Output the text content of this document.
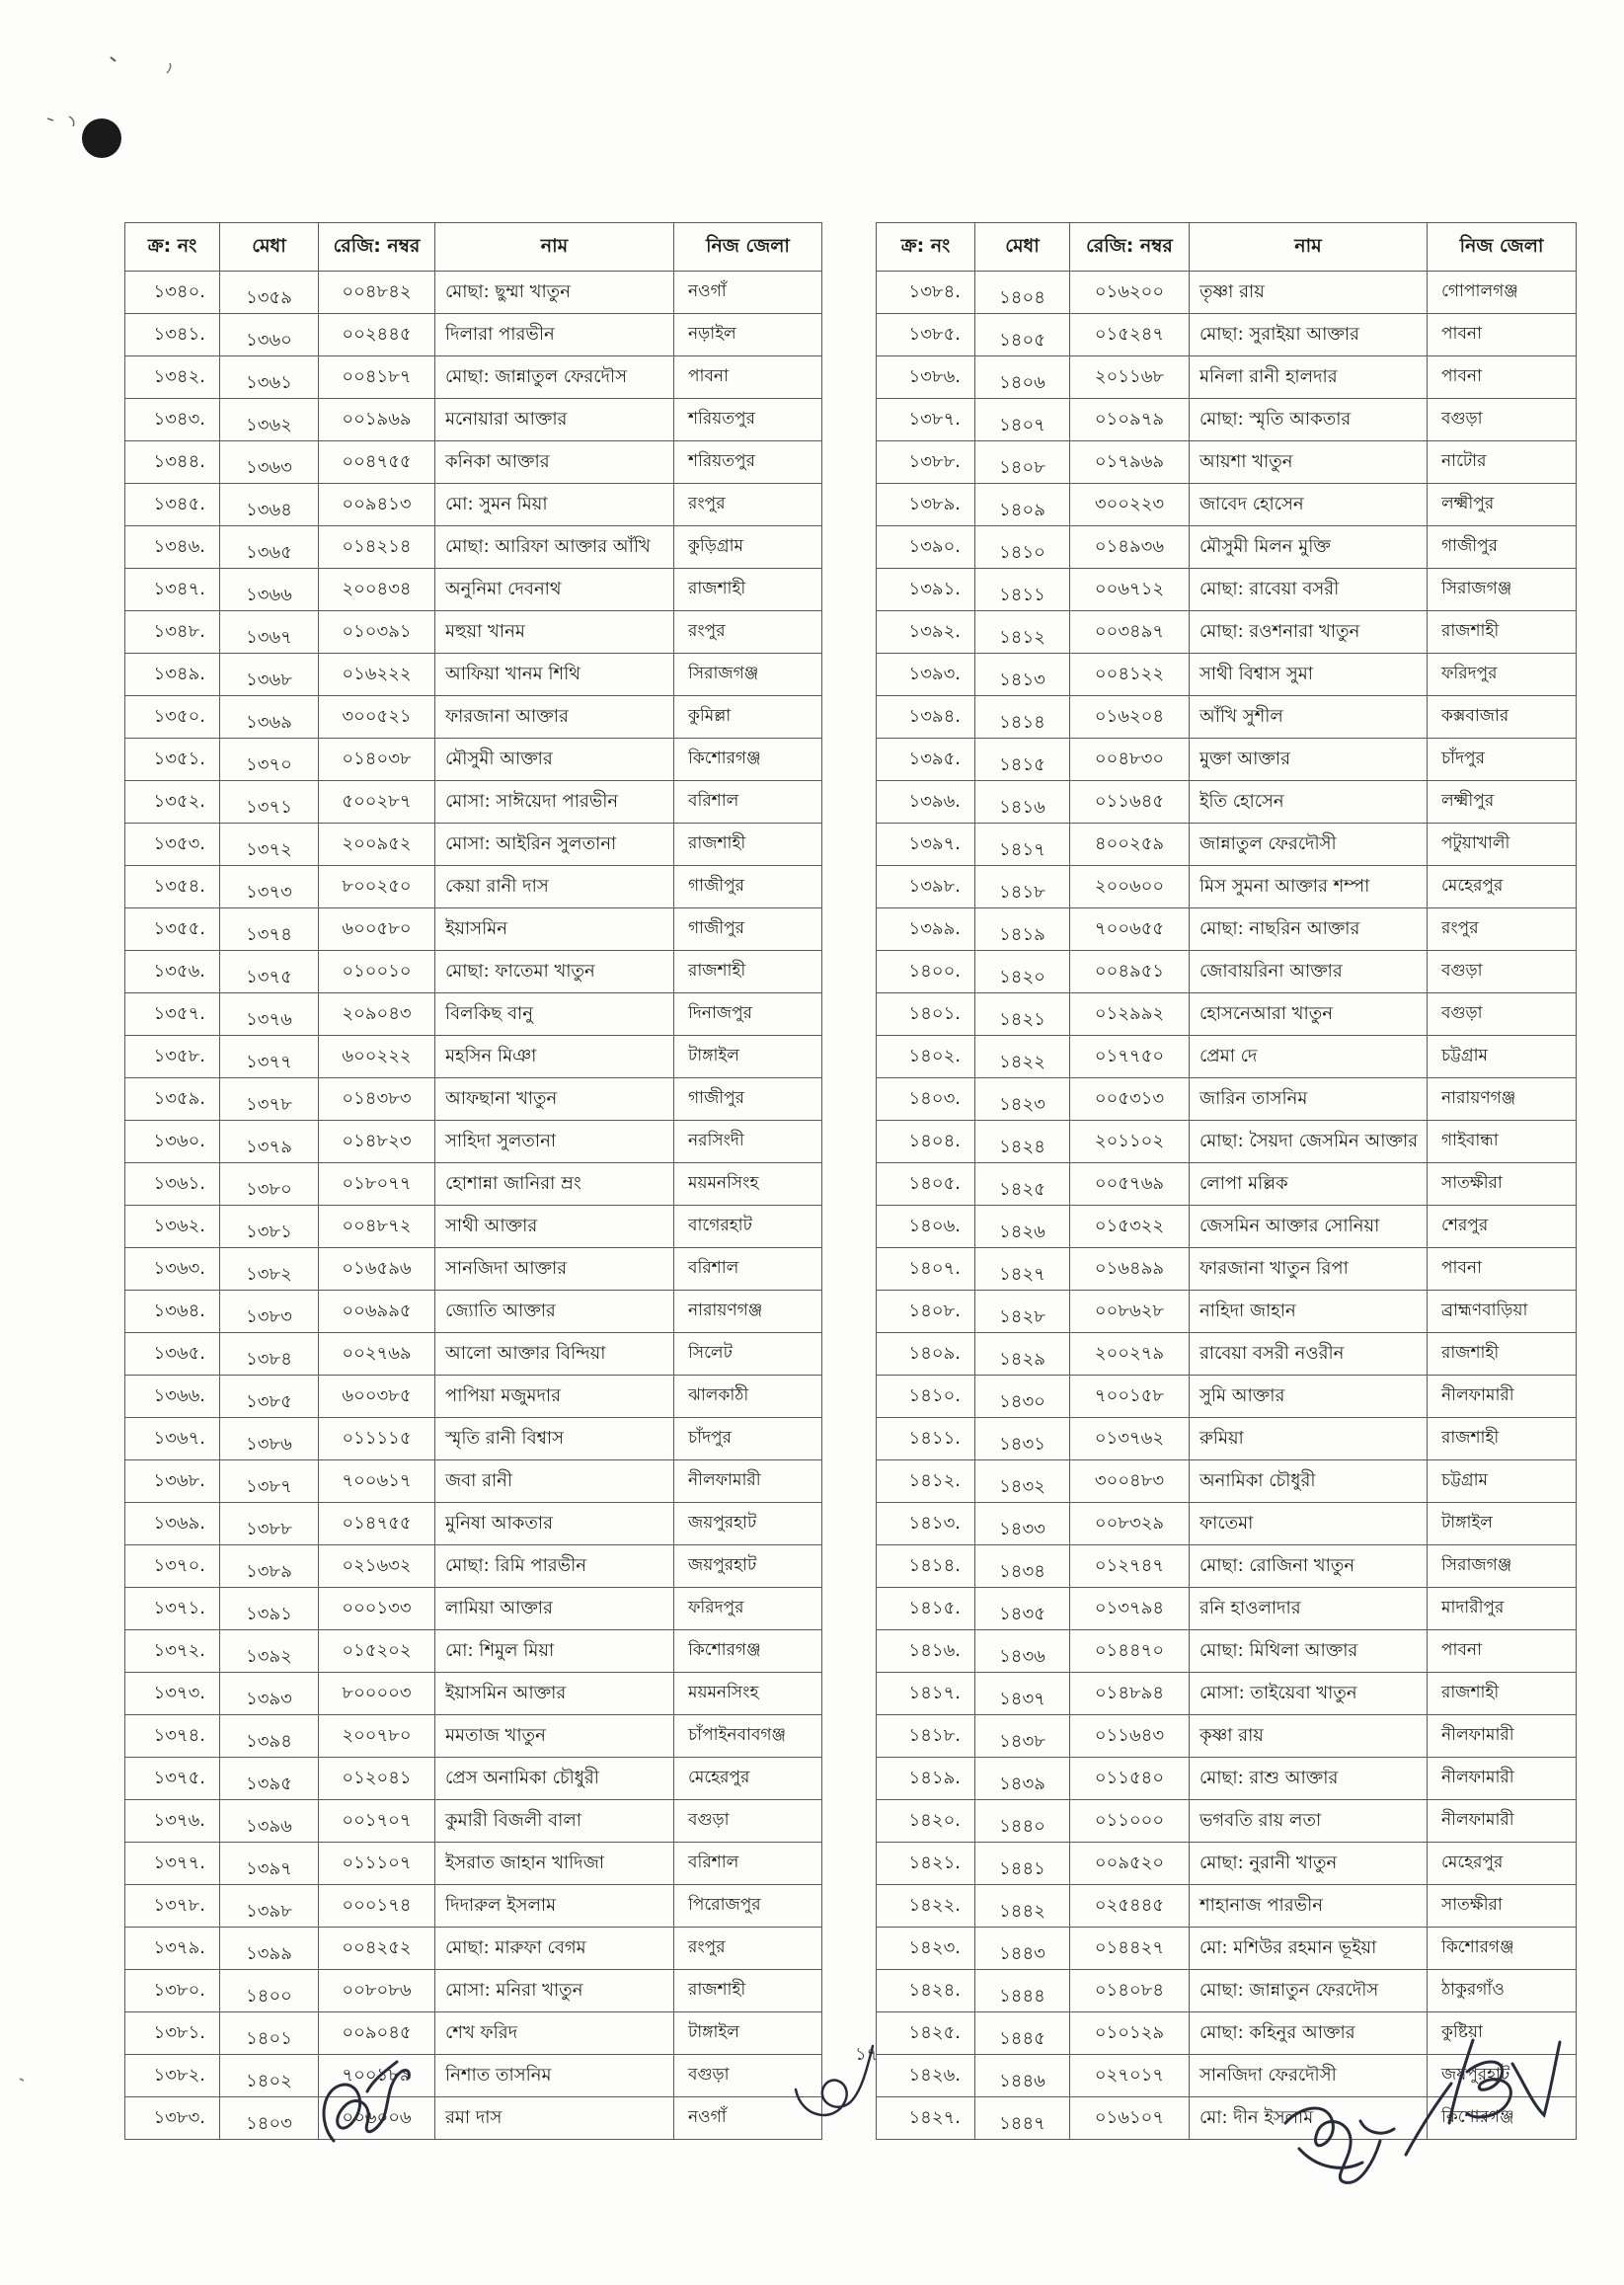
ক্র: নং	মেধা	রেজি: নম্বর	নাম	নিজ জেলা
১৩৪০.	১৩৫৯	০০৪৮৪২	মোছা: ছুম্মা খাতুন	নওগাঁ
১৩৪১.	১৩৬০	০০২৪৪৫	দিলারা পারভীন	নড়াইল
১৩৪২.	১৩৬১	০০৪১৮৭	মোছা: জান্নাতুল ফেরদৌস	পাবনা
১৩৪৩.	১৩৬২	০০১৯৬৯	মনোয়ারা আক্তার	শরিয়তপুর
১৩৪৪.	১৩৬৩	০০৪৭৫৫	কনিকা আক্তার	শরিয়তপুর
১৩৪৫.	১৩৬৪	০০৯৪১৩	মো: সুমন মিয়া	রংপুর
১৩৪৬.	১৩৬৫	০১৪২১৪	মোছা: আরিফা আক্তার আঁখি	কুড়িগ্রাম
১৩৪৭.	১৩৬৬	২০০৪৩৪	অনুনিমা দেবনাথ	রাজশাহী
১৩৪৮.	১৩৬৭	০১০৩৯১	মহুয়া খানম	রংপুর
১৩৪৯.	১৩৬৮	০১৬২২২	আফিয়া খানম শিথি	সিরাজগঞ্জ
১৩৫০.	১৩৬৯	৩০০৫২১	ফারজানা আক্তার	কুমিল্লা
১৩৫১.	১৩৭০	০১৪০৩৮	মৌসুমী আক্তার	কিশোরগঞ্জ
১৩৫২.	১৩৭১	৫০০২৮৭	মোসা: সাঈয়েদা পারভীন	বরিশাল
১৩৫৩.	১৩৭২	২০০৯৫২	মোসা: আইরিন সুলতানা	রাজশাহী
১৩৫৪.	১৩৭৩	৮০০২৫০	কেয়া রানী দাস	গাজীপুর
১৩৫৫.	১৩৭৪	৬০০৫৮০	ইয়াসমিন	গাজীপুর
১৩৫৬.	১৩৭৫	০১০০১০	মোছা: ফাতেমা খাতুন	রাজশাহী
১৩৫৭.	১৩৭৬	২০৯০৪৩	বিলকিছ বানু	দিনাজপুর
১৩৫৮.	১৩৭৭	৬০০২২২	মহসিন মিঞা	টাঙ্গাইল
১৩৫৯.	১৩৭৮	০১৪৩৮৩	আফছানা খাতুন	গাজীপুর
১৩৬০.	১৩৭৯	০১৪৮২৩	সাহিদা সুলতানা	নরসিংদী
১৩৬১.	১৩৮০	০১৮০৭৭	হোশান্না জানিরা ম্রং	ময়মনসিংহ
১৩৬২.	১৩৮১	০০৪৮৭২	সাথী আক্তার	বাগেরহাট
১৩৬৩.	১৩৮২	০১৬৫৯৬	সানজিদা আক্তার	বরিশাল
১৩৬৪.	১৩৮৩	০০৬৯৯৫	জ্যোতি আক্তার	নারায়ণগঞ্জ
১৩৬৫.	১৩৮৪	০০২৭৬৯	আলো আক্তার বিন্দিয়া	সিলেট
১৩৬৬.	১৩৮৫	৬০০৩৮৫	পাপিয়া মজুমদার	ঝালকাঠী
১৩৬৭.	১৩৮৬	০১১১১৫	স্মৃতি রানী বিশ্বাস	চাঁদপুর
১৩৬৮.	১৩৮৭	৭০০৬১৭	জবা রানী	নীলফামারী
১৩৬৯.	১৩৮৮	০১৪৭৫৫	মুনিষা আকতার	জয়পুরহাট
১৩৭০.	১৩৮৯	০২১৬৩২	মোছা: রিমি পারভীন	জয়পুরহাট
১৩৭১.	১৩৯১	০০০১৩৩	লামিয়া আক্তার	ফরিদপুর
১৩৭২.	১৩৯২	০১৫২০২	মো: শিমুল মিয়া	কিশোরগঞ্জ
১৩৭৩.	১৩৯৩	৮০০০০৩	ইয়াসমিন আক্তার	ময়মনসিংহ
১৩৭৪.	১৩৯৪	২০০৭৮০	মমতাজ খাতুন	চাঁপাইনবাবগঞ্জ
১৩৭৫.	১৩৯৫	০১২০৪১	প্রেস অনামিকা চৌধুরী	মেহেরপুর
১৩৭৬.	১৩৯৬	০০১৭০৭	কুমারী বিজলী বালা	বগুড়া
১৩৭৭.	১৩৯৭	০১১১০৭	ইসরাত জাহান খাদিজা	বরিশাল
১৩৭৮.	১৩৯৮	০০০১৭৪	দিদারুল ইসলাম	পিরোজপুর
১৩৭৯.	১৩৯৯	০০৪২৫২	মোছা: মারুফা বেগম	রংপুর
১৩৮০.	১৪০০	০০৮০৮৬	মোসা: মনিরা খাতুন	রাজশাহী
১৩৮১.	১৪০১	০০৯০৪৫	শেখ ফরিদ	টাঙ্গাইল
১৩৮২.	১৪০২	৭০০১৮৯	নিশাত তাসনিম	বগুড়া
১৩৮৩.	১৪০৩	০০৬০০৬	রমা দাস	নওগাঁ
ক্র: নং	মেধা	রেজি: নম্বর	নাম	নিজ জেলা
১৩৮৪.	১৪০৪	০১৬২০০	তৃষ্ণা রায়	গোপালগঞ্জ
১৩৮৫.	১৪০৫	০১৫২৪৭	মোছা: সুরাইয়া আক্তার	পাবনা
১৩৮৬.	১৪০৬	২০১১৬৮	মনিলা রানী হালদার	পাবনা
১৩৮৭.	১৪০৭	০১০৯৭৯	মোছা: স্মৃতি আকতার	বগুড়া
১৩৮৮.	১৪০৮	০১৭৯৬৯	আয়শা খাতুন	নাটোর
১৩৮৯.	১৪০৯	৩০০২২৩	জাবেদ হোসেন	লক্ষ্মীপুর
১৩৯০.	১৪১০	০১৪৯৩৬	মৌসুমী মিলন মুক্তি	গাজীপুর
১৩৯১.	১৪১১	০০৬৭১২	মোছা: রাবেয়া বসরী	সিরাজগঞ্জ
১৩৯২.	১৪১২	০০৩৪৯৭	মোছা: রওশনারা খাতুন	রাজশাহী
১৩৯৩.	১৪১৩	০০৪১২২	সাথী বিশ্বাস সুমা	ফরিদপুর
১৩৯৪.	১৪১৪	০১৬২০৪	আঁখি সুশীল	কক্সবাজার
১৩৯৫.	১৪১৫	০০৪৮৩০	মুক্তা আক্তার	চাঁদপুর
১৩৯৬.	১৪১৬	০১১৬৪৫	ইতি হোসেন	লক্ষ্মীপুর
১৩৯৭.	১৪১৭	৪০০২৫৯	জান্নাতুল ফেরদৌসী	পটুয়াখালী
১৩৯৮.	১৪১৮	২০০৬০০	মিস সুমনা আক্তার শম্পা	মেহেরপুর
১৩৯৯.	১৪১৯	৭০০৬৫৫	মোছা: নাছরিন আক্তার	রংপুর
১৪০০.	১৪২০	০০৪৯৫১	জোবায়রিনা আক্তার	বগুড়া
১৪০১.	১৪২১	০১২৯৯২	হোসনেআরা খাতুন	বগুড়া
১৪০২.	১৪২২	০১৭৭৫০	প্রেমা দে	চট্টগ্রাম
১৪০৩.	১৪২৩	০০৫৩১৩	জারিন তাসনিম	নারায়ণগঞ্জ
১৪০৪.	১৪২৪	২০১১০২	মোছা: সৈয়দা জেসমিন আক্তার	গাইবান্ধা
১৪০৫.	১৪২৫	০০৫৭৬৯	লোপা মল্লিক	সাতক্ষীরা
১৪০৬.	১৪২৬	০১৫৩২২	জেসমিন আক্তার সোনিয়া	শেরপুর
১৪০৭.	১৪২৭	০১৬৪৯৯	ফারজানা খাতুন রিপা	পাবনা
১৪০৮.	১৪২৮	০০৮৬২৮	নাহিদা জাহান	ব্রাহ্মণবাড়িয়া
১৪০৯.	১৪২৯	২০০২৭৯	রাবেয়া বসরী নওরীন	রাজশাহী
১৪১০.	১৪৩০	৭০০১৫৮	সুমি আক্তার	নীলফামারী
১৪১১.	১৪৩১	০১৩৭৬২	রুমিয়া	রাজশাহী
১৪১২.	১৪৩২	৩০০৪৮৩	অনামিকা চৌধুরী	চট্টগ্রাম
১৪১৩.	১৪৩৩	০০৮৩২৯	ফাতেমা	টাঙ্গাইল
১৪১৪.	১৪৩৪	০১২৭৪৭	মোছা: রোজিনা খাতুন	সিরাজগঞ্জ
১৪১৫.	১৪৩৫	০১৩৭৯৪	রনি হাওলাদার	মাদারীপুর
১৪১৬.	১৪৩৬	০১৪৪৭০	মোছা: মিথিলা আক্তার	পাবনা
১৪১৭.	১৪৩৭	০১৪৮৯৪	মোসা: তাইয়েবা খাতুন	রাজশাহী
১৪১৮.	১৪৩৮	০১১৬৪৩	কৃষ্ণা রায়	নীলফামারী
১৪১৯.	১৪৩৯	০১১৫৪০	মোছা: রাশু আক্তার	নীলফামারী
১৪২০.	১৪৪০	০১১০০০	ভগবতি রায় লতা	নীলফামারী
১৪২১.	১৪৪১	০০৯৫২০	মোছা: নুরানী খাতুন	মেহেরপুর
১৪২২.	১৪৪২	০২৫৪৪৫	শাহানাজ পারভীন	সাতক্ষীরা
১৪২৩.	১৪৪৩	০১৪৪২৭	মো: মশিউর রহমান ভূইয়া	কিশোরগঞ্জ
১৪২৪.	১৪৪৪	০১৪০৮৪	মোছা: জান্নাতুন ফেরদৌস	ঠাকুরগাঁও
১৪২৫.	১৪৪৫	০১০১২৯	মোছা: কহিনুর আক্তার	কুষ্টিয়া
১৪২৬.	১৪৪৬	০২৭০১৭	সানজিদা ফেরদৌসী	জয়পুরহাট
১৪২৭.	১৪৪৭	০১৬১০৭	মো: দীন ইসলাম	কিশোরগঞ্জ
১৭
